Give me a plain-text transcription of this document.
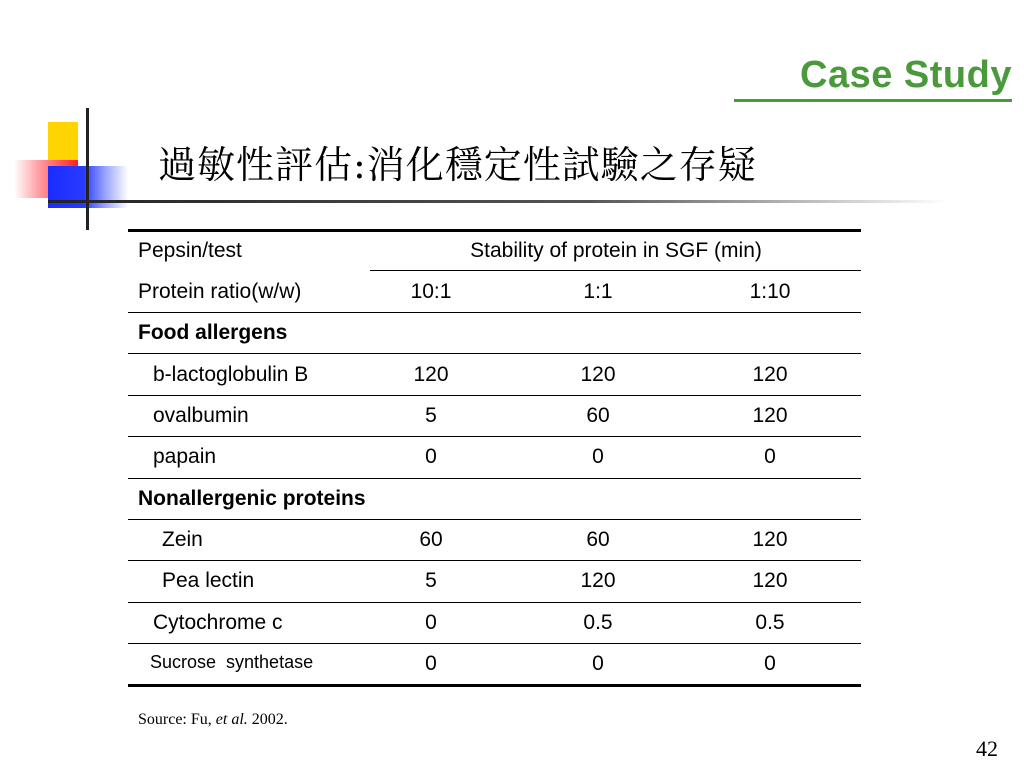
Case Study
過敏性評估:消化穩定性試驗之存疑
Pepsin/test	Stability of protein in SGF (min)
Protein ratio(w/w)	10:1	1:1	1:10
Food allergens
b-lactoglobulin B	120	120	120
ovalbumin	5	60	120
papain	0	0	0
Nonallergenic proteins
Zein	60	60	120
Pea lectin	5	120	120
Cytochrome c	0	0.5	0.5
Sucrose  synthetase	0	0	0
Source: Fu, et al. 2002.
42
